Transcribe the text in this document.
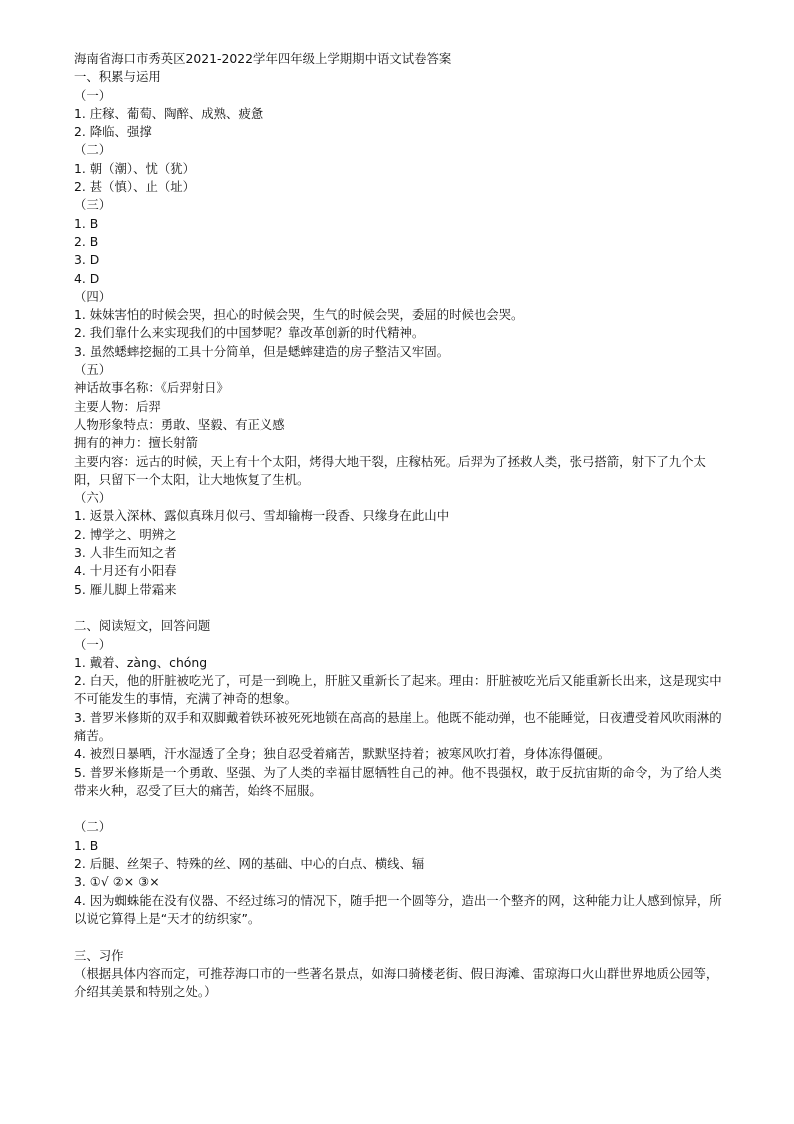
海南省海口市秀英区2021-2022学年四年级上学期期中语文试卷答案

一、积累与运用

（一）

1. 庄稼、葡萄、陶醉、成熟、疲惫

2. 降临、强撑

（二）

1. 朝（潮）、忧（犹）

2. 甚（慎）、止（址）

（三）

1. B

2. B

3. D

4. D

（四）

1. 妹妹害怕的时候会哭，担心的时候会哭，生气的时候会哭，委屈的时候也会哭。

2. 我们靠什么来实现我们的中国梦呢？靠改革创新的时代精神。

3. 虽然蟋蟀挖掘的工具十分简单，但是蟋蟀建造的房子整洁又牢固。

（五）

神话故事名称：《后羿射日》

主要人物：后羿

人物形象特点：勇敢、坚毅、有正义感

拥有的神力：擅长射箭

主要内容：远古的时候，天上有十个太阳，烤得大地干裂，庄稼枯死。后羿为了拯救人类，张弓搭箭，射下了九个太阳，只留下一个太阳，让大地恢复了生机。

（六）

1. 返景入深林、露似真珠月似弓、雪却输梅一段香、只缘身在此山中

2. 博学之、明辨之

3. 人非生而知之者

4. 十月还有小阳春

5. 雁儿脚上带霜来

二、阅读短文，回答问题

（一）

1. 戴着、zàng、chóng

2. 白天，他的肝脏被吃光了，可是一到晚上，肝脏又重新长了起来。理由：肝脏被吃光后又能重新长出来，这是现实中不可能发生的事情，充满了神奇的想象。

3. 普罗米修斯的双手和双脚戴着铁环被死死地锁在高高的悬崖上。他既不能动弹，也不能睡觉，日夜遭受着风吹雨淋的痛苦。

4. 被烈日暴晒，汗水湿透了全身；独自忍受着痛苦，默默坚持着；被寒风吹打着，身体冻得僵硬。

5. 普罗米修斯是一个勇敢、坚强、为了人类的幸福甘愿牺牲自己的神。他不畏强权，敢于反抗宙斯的命令，为了给人类带来火种，忍受了巨大的痛苦，始终不屈服。

（二）

1. B

2. 后腿、丝架子、特殊的丝、网的基础、中心的白点、横线、辐

3. ①√ ②× ③×

4. 因为蜘蛛能在没有仪器、不经过练习的情况下，随手把一个圆等分，造出一个整齐的网，这种能力让人感到惊异，所以说它算得上是“天才的纺织家”。

三、习作

（根据具体内容而定，可推荐海口市的一些著名景点，如海口骑楼老街、假日海滩、雷琼海口火山群世界地质公园等，介绍其美景和特别之处。）
